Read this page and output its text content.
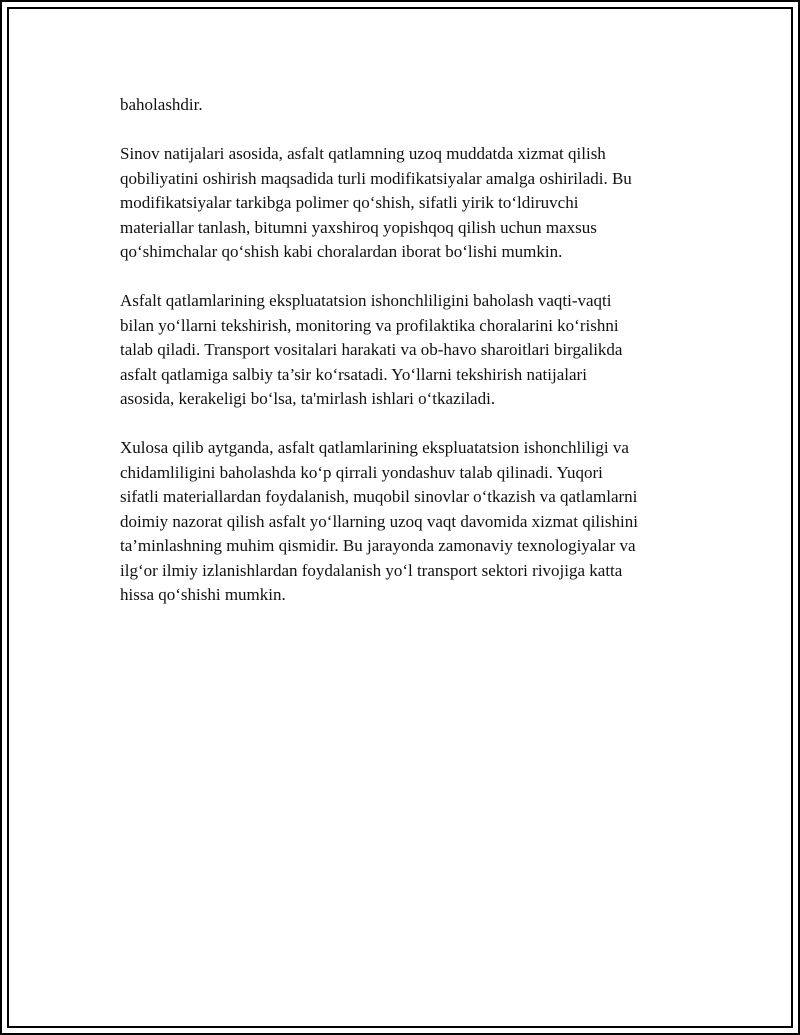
baholashdir.

Sinov natijalari asosida, asfalt qatlamning uzoq muddatda xizmat qilish
qobiliyatini oshirish maqsadida turli modifikatsiyalar amalga oshiriladi. Bu
modifikatsiyalar tarkibga polimer qo‘shish, sifatli yirik to‘ldiruvchi
materiallar tanlash, bitumni yaxshiroq yopishqoq qilish uchun maxsus
qo‘shimchalar qo‘shish kabi choralardan iborat bo‘lishi mumkin.

Asfalt qatlamlarining ekspluatatsion ishonchliligini baholash vaqti-vaqti
bilan yo‘llarni tekshirish, monitoring va profilaktika choralarini ko‘rishni
talab qiladi. Transport vositalari harakati va ob-havo sharoitlari birgalikda
asfalt qatlamiga salbiy ta’sir ko‘rsatadi. Yo‘llarni tekshirish natijalari
asosida, kerakeligi bo‘lsa, ta'mirlash ishlari o‘tkaziladi.

Xulosa qilib aytganda, asfalt qatlamlarining ekspluatatsion ishonchliligi va
chidamliligini baholashda ko‘p qirrali yondashuv talab qilinadi. Yuqori
sifatli materiallardan foydalanish, muqobil sinovlar o‘tkazish va qatlamlarni
doimiy nazorat qilish asfalt yo‘llarning uzoq vaqt davomida xizmat qilishini
ta’minlashning muhim qismidir. Bu jarayonda zamonaviy texnologiyalar va
ilg‘or ilmiy izlanishlardan foydalanish yo‘l transport sektori rivojiga katta
hissa qo‘shishi mumkin.
